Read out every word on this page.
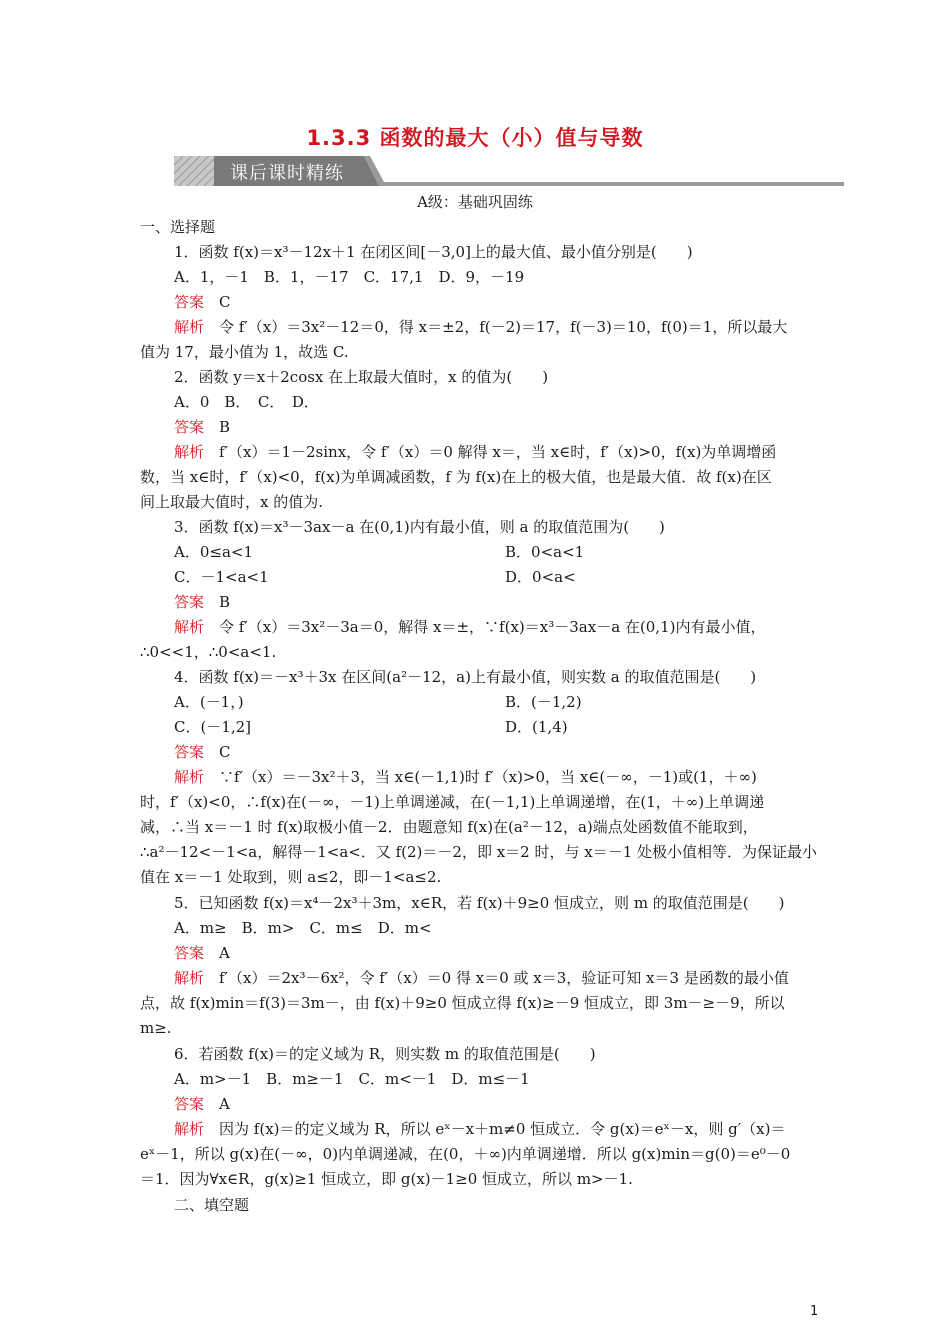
1.3.3 函数的最大（小）值与导数
课后课时精练
A级：基础巩固练
一、选择题
1．函数 f(x)＝x³－12x＋1 在闭区间[－3,0]上的最大值、最小值分别是(　　)
A．1，－1　B．1，－17　C．17,1　D．9，－19
答案　 C
解析　 令 f′（x）＝3x²－12＝0，得 x＝±2，f(－2)＝17，f(－3)＝10，f(0)＝1，所以最大
值为 17，最小值为 1，故选 C.
2．函数 y＝x＋2cosx 在上取最大值时，x 的值为(　　)
A．0　B．　C．　D．
答案　 B
解析　 f′（x）＝1－2sinx，令 f′（x）＝0 解得 x＝，当 x∈时，f′（x)>0，f(x)为单调增函
数，当 x∈时，f′（x)<0，f(x)为单调减函数，f 为 f(x)在上的极大值，也是最大值．故 f(x)在区
间上取最大值时，x 的值为.
3．函数 f(x)＝x³－3ax－a 在(0,1)内有最小值，则 a 的取值范围为(　　)
A．0≤a<1	B．0<a<1
C．－1<a<1	D．0<a<
答案　 B
解析　 令 f′（x）＝3x²－3a＝0，解得 x＝±，∵f(x)＝x³－3ax－a 在(0,1)内有最小值，
∴0<<1，∴0<a<1.
4．函数 f(x)＝－x³＋3x 在区间(a²－12，a)上有最小值，则实数 a 的取值范围是(　　)
A．(－1，)	B．(－1,2)
C．(－1,2]	D．(1,4)
答案　 C
解析　 ∵f′（x）＝－3x²＋3，当 x∈(－1,1)时 f′（x)>0，当 x∈(－∞，－1)或(1，＋∞)
时，f′（x)<0，∴f(x)在(－∞，－1)上单调递减，在(－1,1)上单调递增，在(1，＋∞)上单调递
减，∴当 x＝－1 时 f(x)取极小值－2．由题意知 f(x)在(a²－12，a)端点处函数值不能取到，
∴a²－12<－1<a，解得－1<a<．又 f(2)＝－2，即 x＝2 时，与 x＝－1 处极小值相等．为保证最小
值在 x＝－1 处取到，则 a≤2，即－1<a≤2.
5．已知函数 f(x)＝x⁴－2x³＋3m，x∈R，若 f(x)＋9≥0 恒成立，则 m 的取值范围是(　　)
A．m≥　B．m>　C．m≤　D．m<
答案　 A
解析　 f′（x）＝2x³－6x²，令 f′（x）＝0 得 x＝0 或 x＝3，验证可知 x＝3 是函数的最小值
点，故 f(x)min＝f(3)＝3m－，由 f(x)＋9≥0 恒成立得 f(x)≥－9 恒成立，即 3m－≥－9，所以
m≥.
6．若函数 f(x)＝的定义域为 R，则实数 m 的取值范围是(　　)
A．m>－1　B．m≥－1　C．m<－1　D．m≤－1
答案　 A
解析　 因为 f(x)＝的定义域为 R，所以 eˣ－x＋m≠0 恒成立．令 g(x)＝eˣ－x，则 g′（x)＝
eˣ－1，所以 g(x)在(－∞，0)内单调递减，在(0，＋∞)内单调递增．所以 g(x)min＝g(0)＝e⁰－0
＝1．因为∀x∈R，g(x)≥1 恒成立，即 g(x)－1≥0 恒成立，所以 m>－1.
二、填空题
1
